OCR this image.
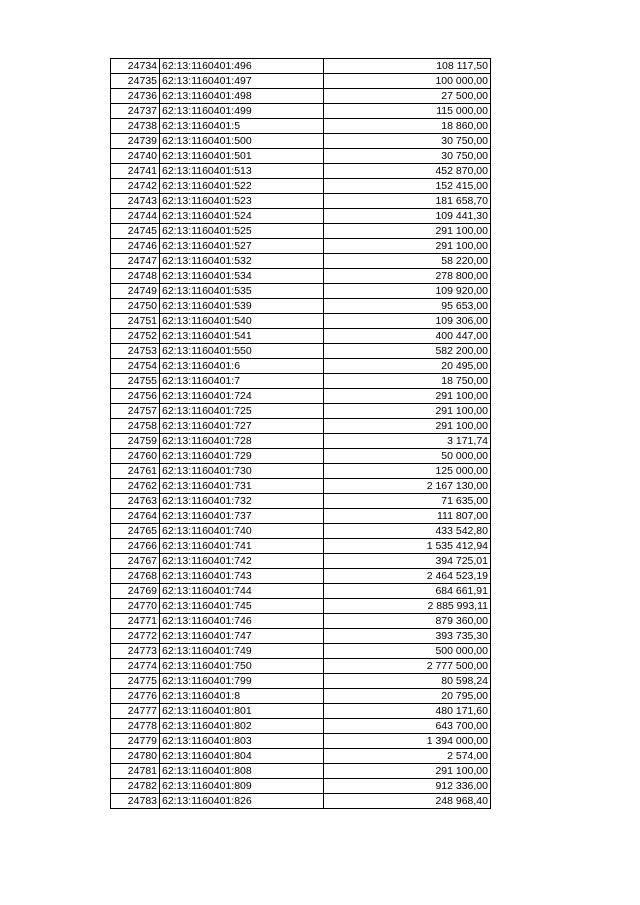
24734	62:13:1160401:496	108 117,50
24735	62:13:1160401:497	100 000,00
24736	62:13:1160401:498	27 500,00
24737	62:13:1160401:499	115 000,00
24738	62:13:1160401:5	18 860,00
24739	62:13:1160401:500	30 750,00
24740	62:13:1160401:501	30 750,00
24741	62:13:1160401:513	452 870,00
24742	62:13:1160401:522	152 415,00
24743	62:13:1160401:523	181 658,70
24744	62:13:1160401:524	109 441,30
24745	62:13:1160401:525	291 100,00
24746	62:13:1160401:527	291 100,00
24747	62:13:1160401:532	58 220,00
24748	62:13:1160401:534	278 800,00
24749	62:13:1160401:535	109 920,00
24750	62:13:1160401:539	95 653,00
24751	62:13:1160401:540	109 306,00
24752	62:13:1160401:541	400 447,00
24753	62:13:1160401:550	582 200,00
24754	62:13:1160401:6	20 495,00
24755	62:13:1160401:7	18 750,00
24756	62:13:1160401:724	291 100,00
24757	62:13:1160401:725	291 100,00
24758	62:13:1160401:727	291 100,00
24759	62:13:1160401:728	3 171,74
24760	62:13:1160401:729	50 000,00
24761	62:13:1160401:730	125 000,00
24762	62:13:1160401:731	2 167 130,00
24763	62:13:1160401:732	71 635,00
24764	62:13:1160401:737	111 807,00
24765	62:13:1160401:740	433 542,80
24766	62:13:1160401:741	1 535 412,94
24767	62:13:1160401:742	394 725,01
24768	62:13:1160401:743	2 464 523,19
24769	62:13:1160401:744	684 661,91
24770	62:13:1160401:745	2 885 993,11
24771	62:13:1160401:746	879 360,00
24772	62:13:1160401:747	393 735,30
24773	62:13:1160401:749	500 000,00
24774	62:13:1160401:750	2 777 500,00
24775	62:13:1160401:799	80 598,24
24776	62:13:1160401:8	20 795,00
24777	62:13:1160401:801	480 171,60
24778	62:13:1160401:802	643 700,00
24779	62:13:1160401:803	1 394 000,00
24780	62:13:1160401:804	2 574,00
24781	62:13:1160401:808	291 100,00
24782	62:13:1160401:809	912 336,00
24783	62:13:1160401:826	248 968,40
